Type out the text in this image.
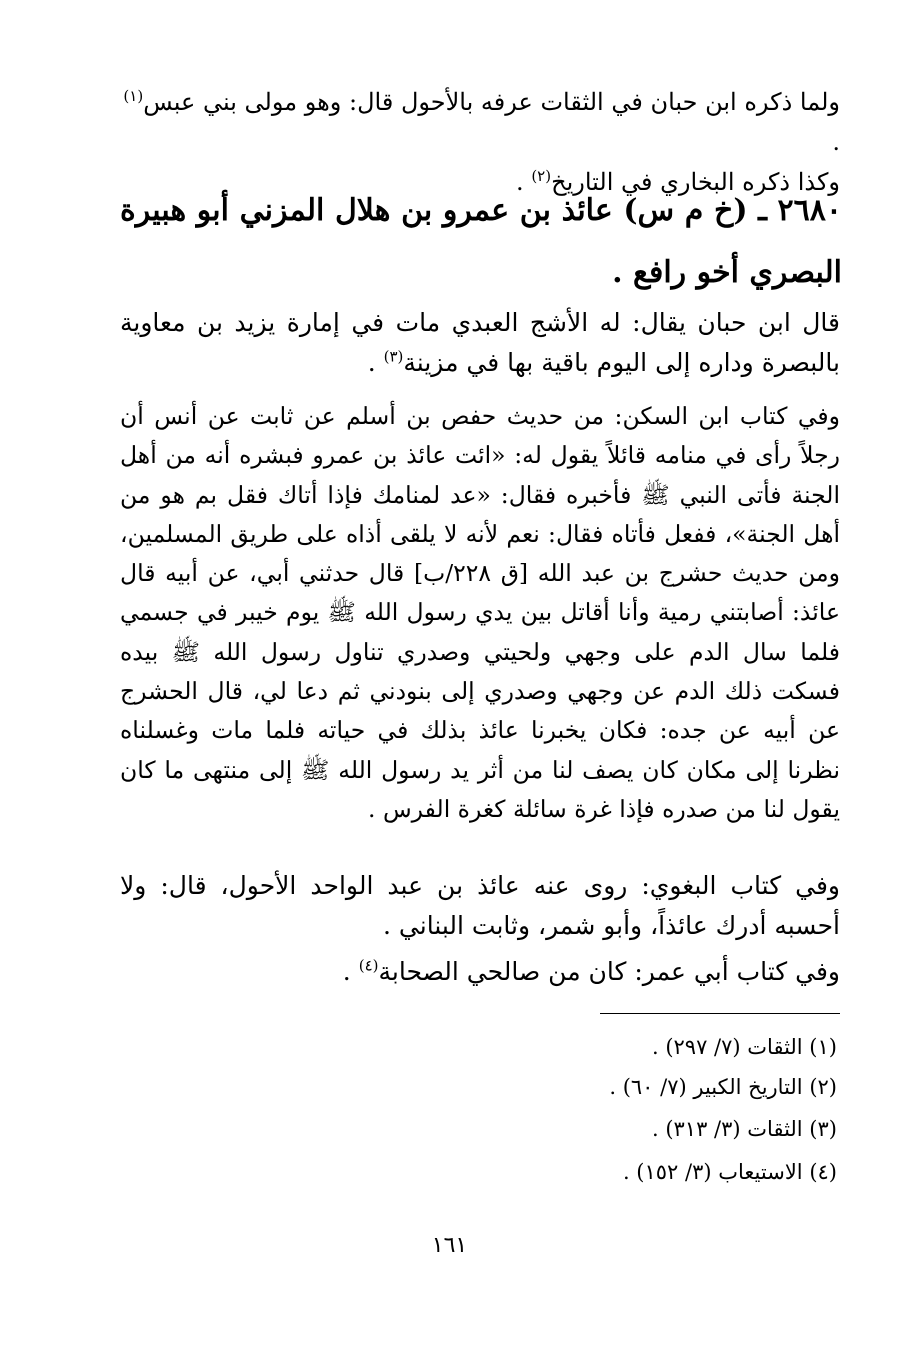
ولما ذكره ابن حبان في الثقات عرفه بالأحول قال: وهو مولى بني عبس$^{(١)}$ .
وكذا ذكره البخاري في التاريخ$^{(٢)}$ .
٢٦٨٠ ـ (خ م س) عائذ بن عمرو بن هلال المزني أبو هبيرة البصري أخو رافع .
قال ابن حبان يقال: له الأشج العبدي مات في إمارة يزيد بن معاوية بالبصرة وداره إلى اليوم باقية بها في مزينة$^{(٣)}$ .
وفي كتاب ابن السكن: من حديث حفص بن أسلم عن ثابت عن أنس أن رجلاً رأى في منامه قائلاً يقول له: «ائت عائذ بن عمرو فبشره أنه من أهل الجنة فأتى النبي ﷺ فأخبره فقال: «عد لمنامك فإذا أتاك فقل بم هو من أهل الجنة»، ففعل فأتاه فقال: نعم لأنه لا يلقى أذاه على طريق المسلمين، ومن حديث حشرج بن عبد الله [ق ٢٢٨/ب] قال حدثني أبي، عن أبيه قال عائذ: أصابتني رمية وأنا أقاتل بين يدي رسول الله ﷺ يوم خيبر في جسمي فلما سال الدم على وجهي ولحيتي وصدري تناول رسول الله ﷺ بيده فسكت ذلك الدم عن وجهي وصدري إلى بنودني ثم دعا لي، قال الحشرج عن أبيه عن جده: فكان يخبرنا عائذ بذلك في حياته فلما مات وغسلناه نظرنا إلى مكان كان يصف لنا من أثر يد رسول الله ﷺ إلى منتهى ما كان يقول لنا من صدره فإذا غرة سائلة كغرة الفرس .
وفي كتاب البغوي: روى عنه عائذ بن عبد الواحد الأحول، قال: ولا أحسبه أدرك عائذاً، وأبو شمر، وثابت البناني .
وفي كتاب أبي عمر: كان من صالحي الصحابة$^{(٤)}$ .
(١) الثقات (٧/ ٢٩٧) .
(٢) التاريخ الكبير (٧/ ٦٠) .
(٣) الثقات (٣/ ٣١٣) .
(٤) الاستيعاب (٣/ ١٥٢) .
١٦١
